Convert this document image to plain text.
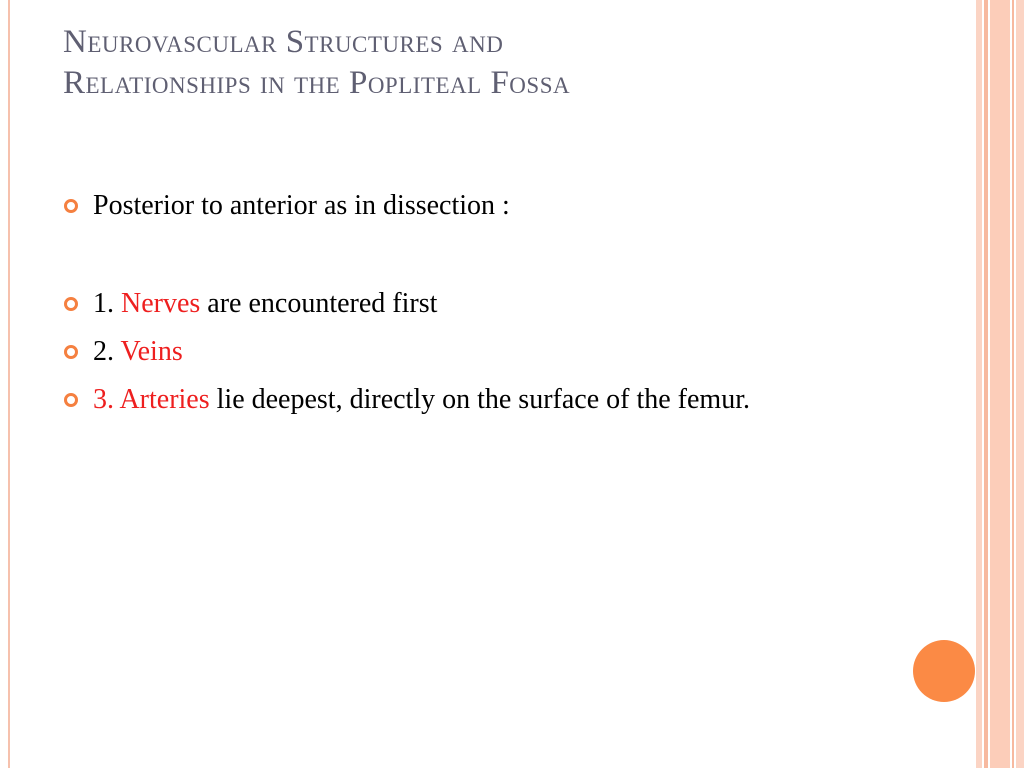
Neurovascular Structures and
Relationships in the Popliteal Fossa
Posterior to anterior as in dissection :
1. Nerves are encountered first
2. Veins
3. Arteries lie deepest, directly on the surface of the femur.
